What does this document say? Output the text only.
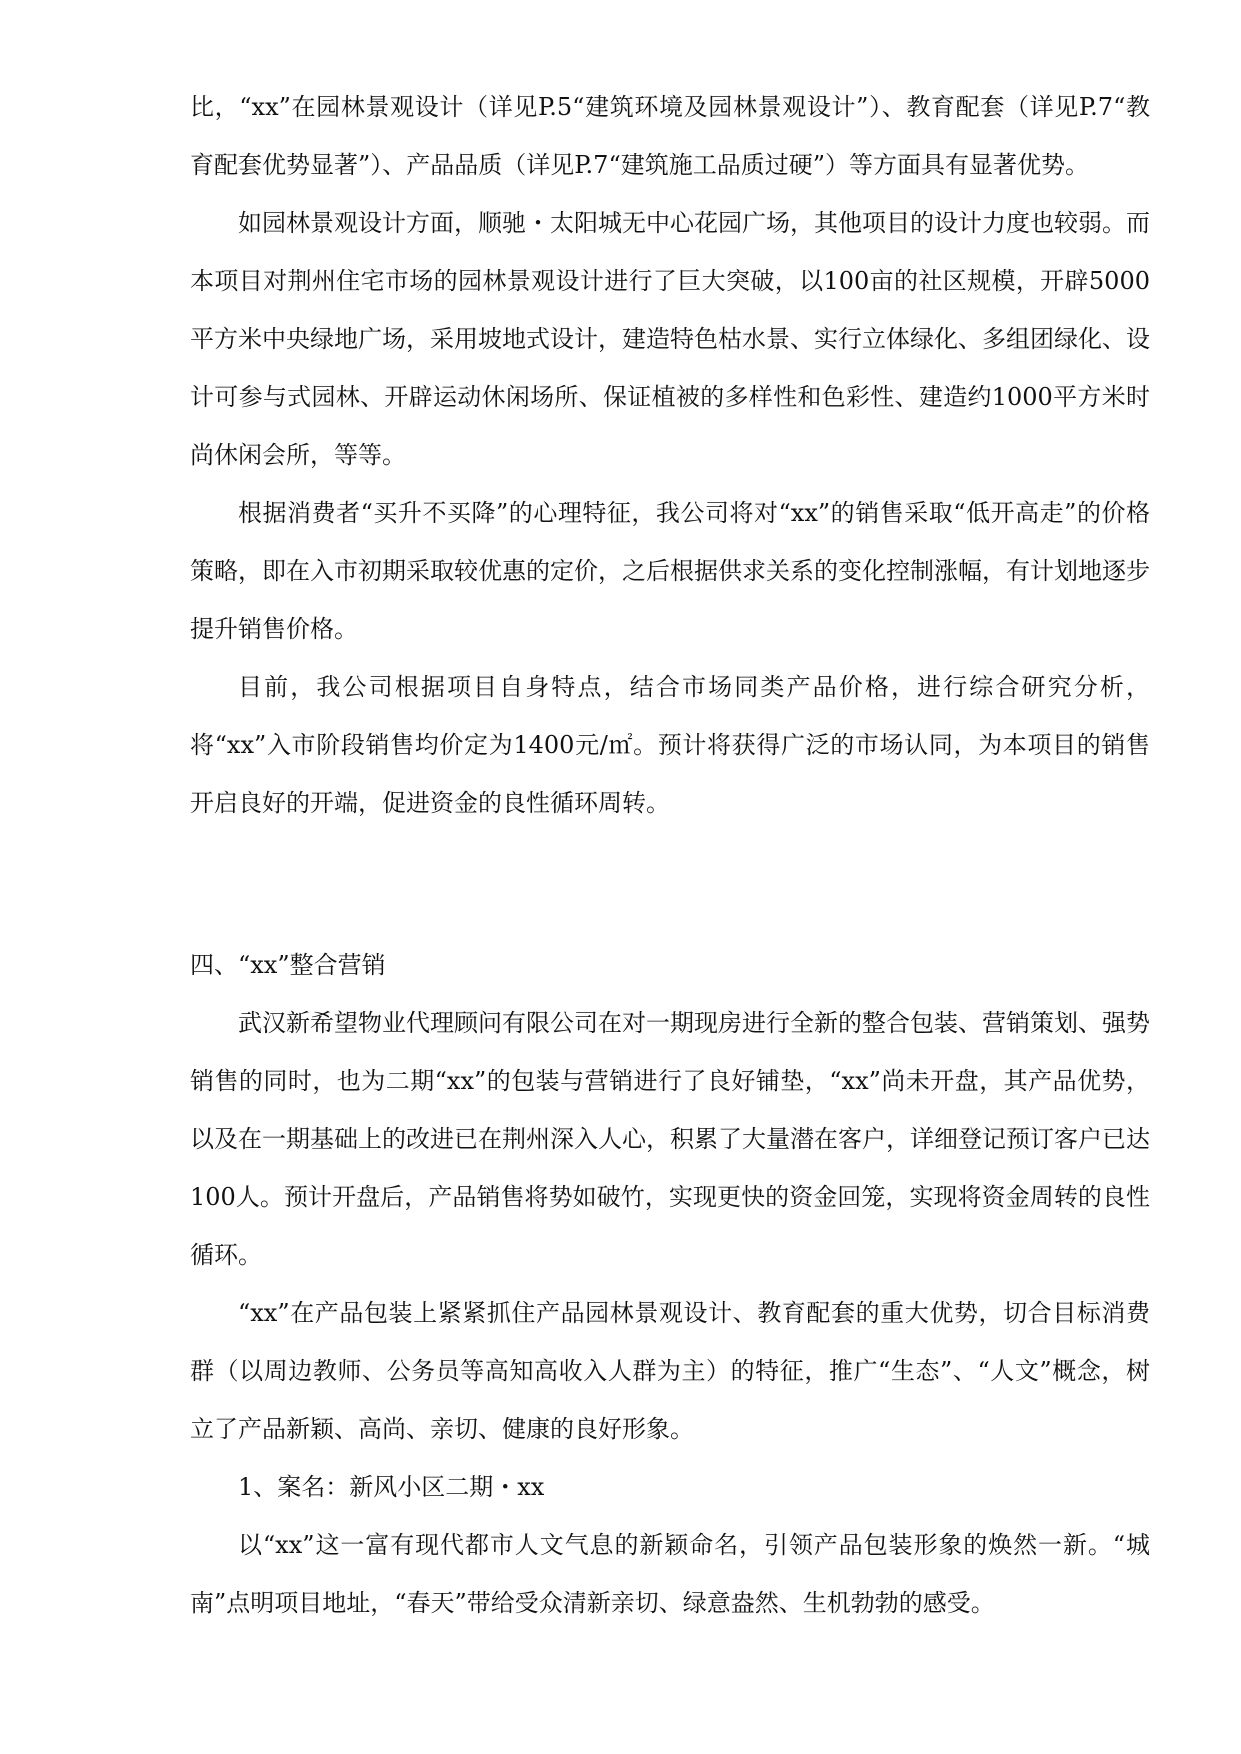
比，“xx”在园林景观设计（详见P.5“建筑环境及园林景观设计”）、教育配套（详见P.7“教育配套优势显著”）、产品品质（详见P.7“建筑施工品质过硬”）等方面具有显著优势。

如园林景观设计方面，顺驰・太阳城无中心花园广场，其他项目的设计力度也较弱。而本项目对荆州住宅市场的园林景观设计进行了巨大突破，以100亩的社区规模，开辟5000平方米中央绿地广场，采用坡地式设计，建造特色枯水景、实行立体绿化、多组团绿化、设计可参与式园林、开辟运动休闲场所、保证植被的多样性和色彩性、建造约1000平方米时尚休闲会所，等等。

根据消费者“买升不买降”的心理特征，我公司将对“xx”的销售采取“低开高走”的价格策略，即在入市初期采取较优惠的定价，之后根据供求关系的变化控制涨幅，有计划地逐步提升销售价格。

目前，我公司根据项目自身特点，结合市场同类产品价格，进行综合研究分析，将“xx”入市阶段销售均价定为1400元/㎡。预计将获得广泛的市场认同，为本项目的销售开启良好的开端，促进资金的良性循环周转。

四、“xx”整合营销

武汉新希望物业代理顾问有限公司在对一期现房进行全新的整合包装、营销策划、强势销售的同时，也为二期“xx”的包装与营销进行了良好铺垫，“xx”尚未开盘，其产品优势，以及在一期基础上的改进已在荆州深入人心，积累了大量潜在客户，详细登记预订客户已达100人。预计开盘后，产品销售将势如破竹，实现更快的资金回笼，实现将资金周转的良性循环。

“xx”在产品包装上紧紧抓住产品园林景观设计、教育配套的重大优势，切合目标消费群（以周边教师、公务员等高知高收入人群为主）的特征，推广“生态”、“人文”概念，树立了产品新颖、高尚、亲切、健康的良好形象。

1、案名：新风小区二期・xx

以“xx”这一富有现代都市人文气息的新颖命名，引领产品包装形象的焕然一新。“城南”点明项目地址，“春天”带给受众清新亲切、绿意盎然、生机勃勃的感受。
